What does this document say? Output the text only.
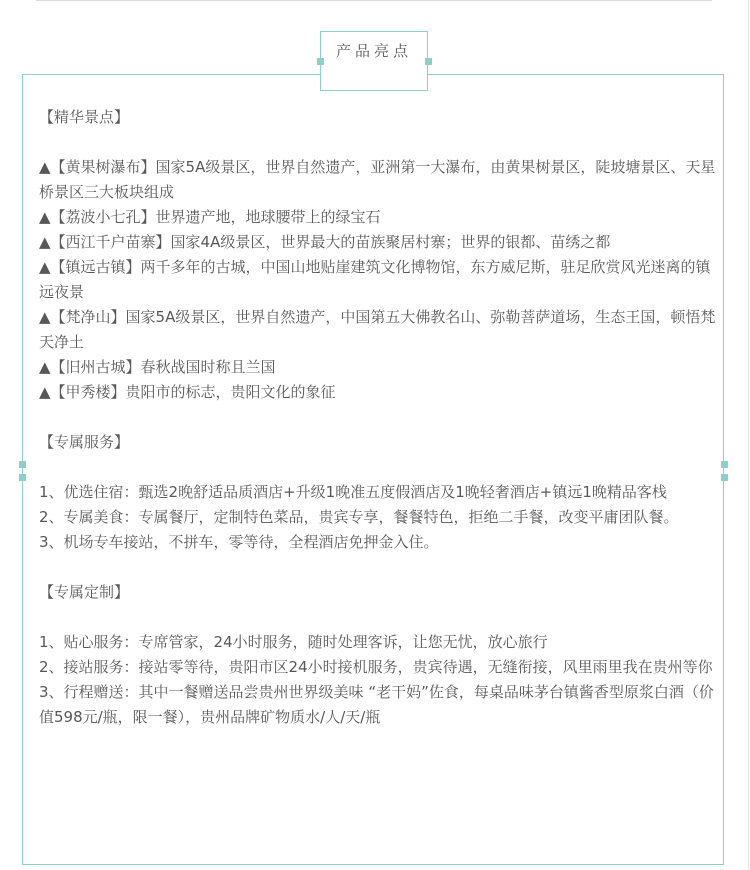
产品亮点

【精华景点】

▲【黄果树瀑布】国家5A级景区，世界自然遗产，亚洲第一大瀑布，由黄果树景区，陡坡塘景区、天星桥景区三大板块组成

▲【荔波小七孔】世界遗产地，地球腰带上的绿宝石

▲【西江千户苗寨】国家4A级景区，世界最大的苗族聚居村寨；世界的银都、苗绣之都

▲【镇远古镇】两千多年的古城，中国山地贴崖建筑文化博物馆，东方威尼斯，驻足欣赏风光迷离的镇远夜景

▲【梵净山】国家5A级景区，世界自然遗产，中国第五大佛教名山、弥勒菩萨道场，生态王国，顿悟梵天净土

▲【旧州古城】春秋战国时称且兰国

▲【甲秀楼】贵阳市的标志，贵阳文化的象征

【专属服务】

1、优选住宿：甄选2晚舒适品质酒店+升级1晚准五度假酒店及1晚轻奢酒店+镇远1晚精品客栈

2、专属美食：专属餐厅，定制特色菜品，贵宾专享，餐餐特色，拒绝二手餐，改变平庸团队餐。

3、机场专车接站，不拼车，零等待，全程酒店免押金入住。

【专属定制】

1、贴心服务：专席管家，24小时服务，随时处理客诉，让您无忧，放心旅行

2、接站服务：接站零等待，贵阳市区24小时接机服务，贵宾待遇，无缝衔接，风里雨里我在贵州等你

3、行程赠送：其中一餐赠送品尝贵州世界级美味 “老干妈”佐食，每桌品味茅台镇酱香型原浆白酒（价值598元/瓶，限一餐），贵州品牌矿物质水/人/天/瓶
